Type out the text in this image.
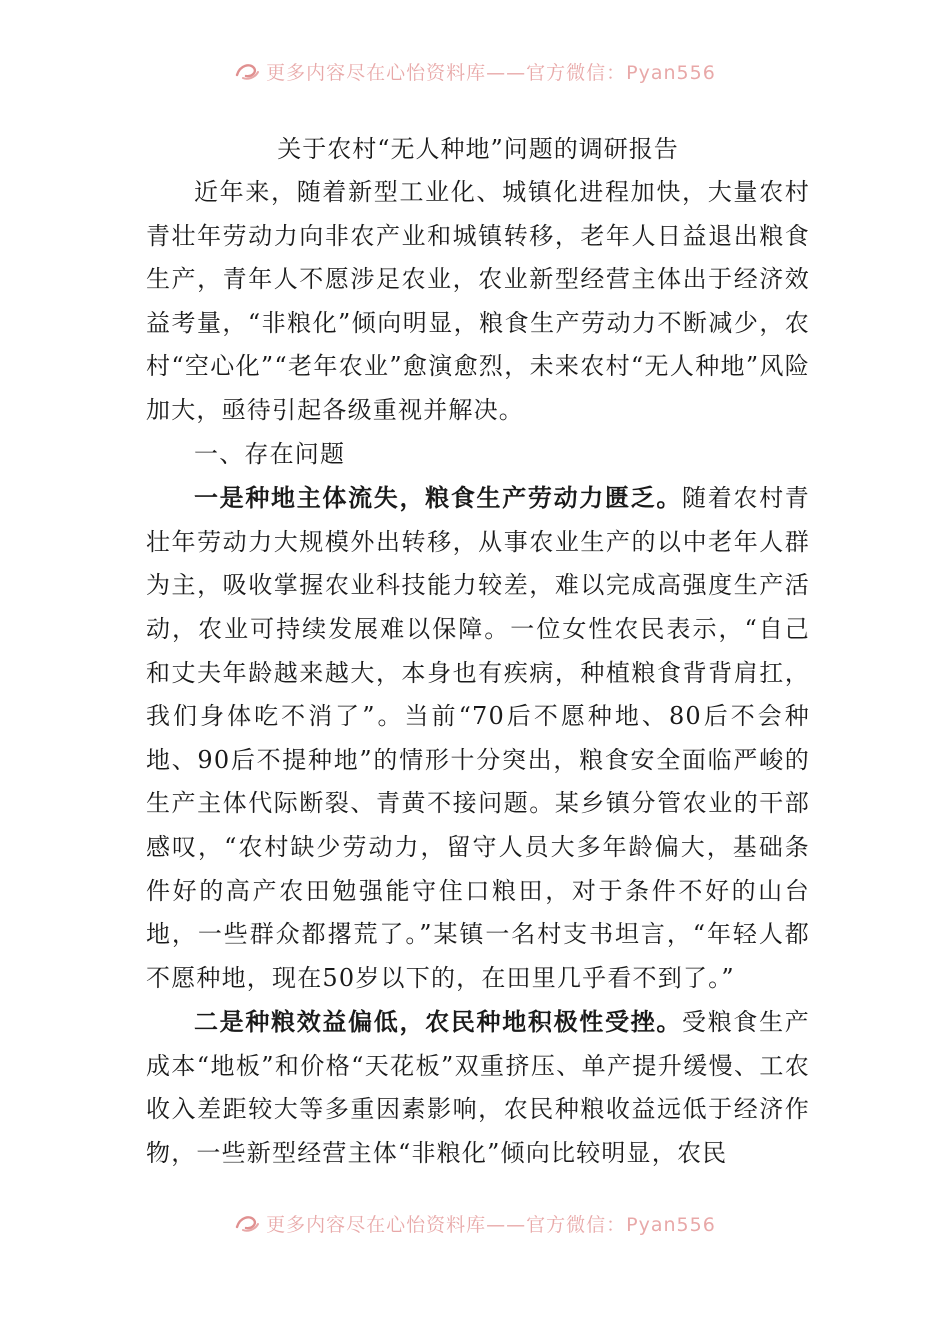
更多内容尽在心怡资料库——官方微信：Pyan556
关于农村“无人种地”问题的调研报告

近年来，随着新型工业化、城镇化进程加快，大量农村青壮年劳动力向非农产业和城镇转移，老年人日益退出粮食生产，青年人不愿涉足农业，农业新型经营主体出于经济效益考量，“非粮化”倾向明显，粮食生产劳动力不断减少，农村“空心化”“老年农业”愈演愈烈，未来农村“无人种地”风险加大，亟待引起各级重视并解决。

一、存在问题

一是种地主体流失，粮食生产劳动力匮乏。随着农村青壮年劳动力大规模外出转移，从事农业生产的以中老年人群为主，吸收掌握农业科技能力较差，难以完成高强度生产活动，农业可持续发展难以保障。一位女性农民表示，“自己和丈夫年龄越来越大，本身也有疾病，种植粮食背背肩扛，我们身体吃不消了”。当前“70后不愿种地、80后不会种地、90后不提种地”的情形十分突出，粮食安全面临严峻的生产主体代际断裂、青黄不接问题。某乡镇分管农业的干部感叹，“农村缺少劳动力，留守人员大多年龄偏大，基础条件好的高产农田勉强能守住口粮田，对于条件不好的山台地，一些群众都撂荒了。”某镇一名村支书坦言，“年轻人都不愿种地，现在50岁以下的，在田里几乎看不到了。”

二是种粮效益偏低，农民种地积极性受挫。受粮食生产成本“地板”和价格“天花板”双重挤压、单产提升缓慢、工农收入差距较大等多重因素影响，农民种粮收益远低于经济作物，一些新型经营主体“非粮化”倾向比较明显，农民

更多内容尽在心怡资料库——官方微信：Pyan556
